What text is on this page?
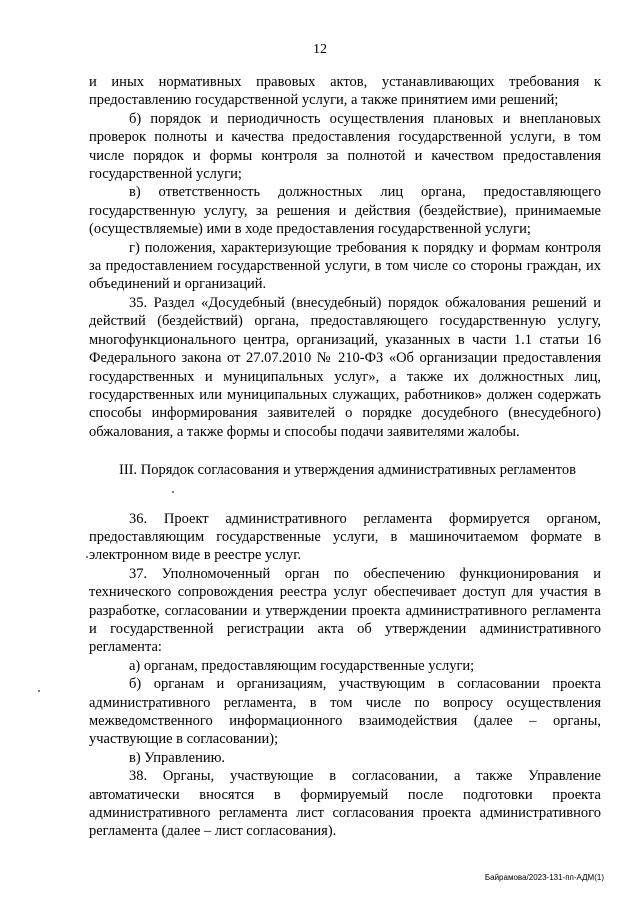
12

и иных нормативных правовых актов, устанавливающих требования к предоставлению государственной услуги, а также принятием ими решений;

б) порядок и периодичность осуществления плановых и внеплановых проверок полноты и качества предоставления государственной услуги, в том числе порядок и формы контроля за полнотой и качеством предоставления государственной услуги;

в) ответственность должностных лиц органа, предоставляющего государственную услугу, за решения и действия (бездействие), принимаемые (осуществляемые) ими в ходе предоставления государственной услуги;

г) положения, характеризующие требования к порядку и формам контроля за предоставлением государственной услуги, в том числе со стороны граждан, их объединений и организаций.

35. Раздел «Досудебный (внесудебный) порядок обжалования решений и действий (бездействий) органа, предоставляющего государственную услугу, многофункционального центра, организаций, указанных в части 1.1 статьи 16 Федерального закона от 27.07.2010 № 210-ФЗ «Об организации предоставления государственных и муниципальных услуг», а также их должностных лиц, государственных или муниципальных служащих, работников» должен содержать способы информирования заявителей о порядке досудебного (внесудебного) обжалования, а также формы и способы подачи заявителями жалобы.

III. Порядок согласования и утверждения административных регламентов

36. Проект административного регламента формируется органом, предоставляющим государственные услуги, в машиночитаемом формате в электронном виде в реестре услуг.

37. Уполномоченный орган по обеспечению функционирования и технического сопровождения реестра услуг обеспечивает доступ для участия в разработке, согласовании и утверждении проекта административного регламента и государственной регистрации акта об утверждении административного регламента:

а) органам, предоставляющим государственные услуги;

б) органам и организациям, участвующим в согласовании проекта административного регламента, в том числе по вопросу осуществления межведомственного информационного взаимодействия (далее – органы, участвующие в согласовании);

в) Управлению.

38. Органы, участвующие в согласовании, а также Управление автоматически вносятся в формируемый после подготовки проекта административного регламента лист согласования проекта административного регламента (далее – лист согласования).

Байрамова/2023-131-пп-АДМ(1)
